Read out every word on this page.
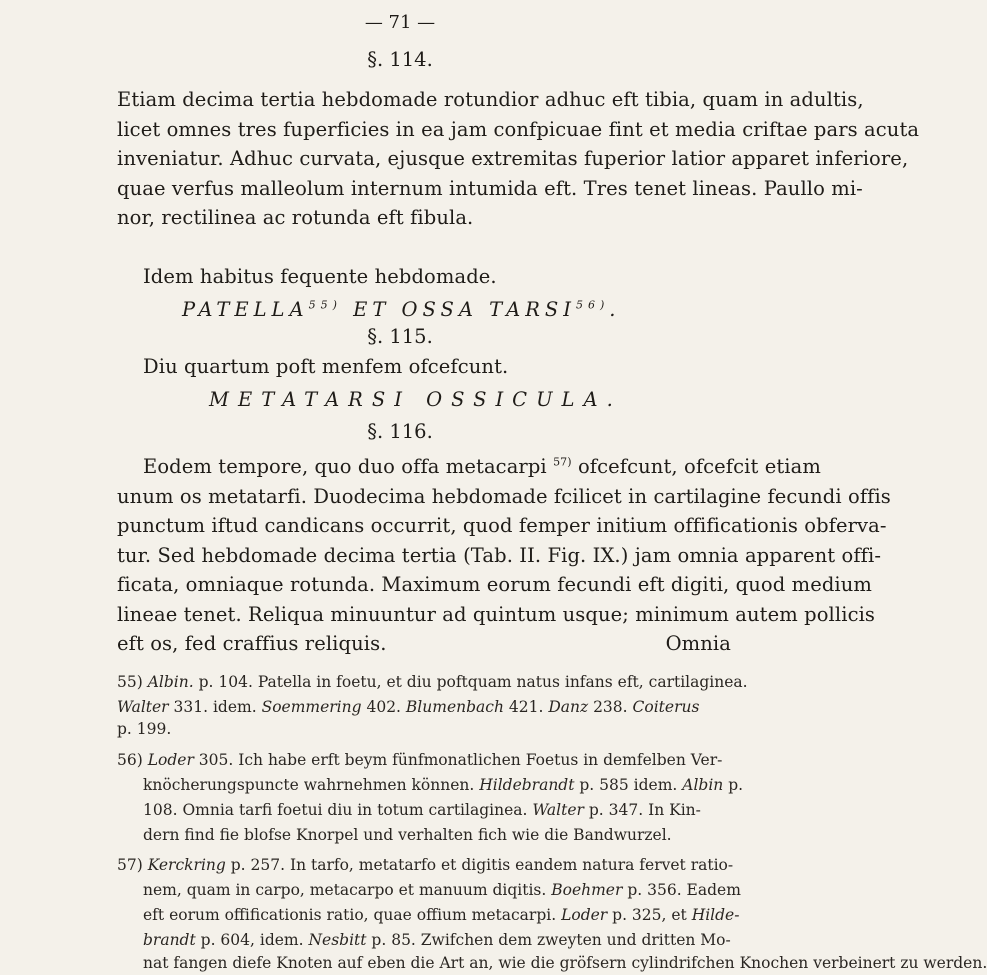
— 71 —
§. 114.
Etiam decima tertia hebdomade rotundior adhuc eft tibia, quam in adultis,
licet omnes tres fuperficies in ea jam confpicuae fint et media criftae pars acuta
inveniatur. Adhuc curvata, ejusque extremitas fuperior latior apparet inferiore,
quae verfus malleolum internum intumida eft. Tres tenet lineas. Paullo mi-
nor, rectilinea ac rotunda eft fibula.
Idem habitus fequente hebdomade.
PATELLA$^{55)}$ ET OSSA TARSI$^{56)}$.
§. 115.
Diu quartum poft menfem ofcefcunt.
METATARSI OSSICULA.
§. 116.
Eodem tempore, quo duo offa metacarpi $^{57)}$ ofcefcunt, ofcefcit etiam
unum os metatarfi. Duodecima hebdomade fcilicet in cartilagine fecundi offis
punctum iftud candicans occurrit, quod femper initium offificationis obferva-
tur. Sed hebdomade decima tertia (Tab. II. Fig. IX.) jam omnia apparent offi-
ficata, omniaque rotunda. Maximum eorum fecundi eft digiti, quod medium
lineae tenet. Reliqua minuuntur ad quintum usque; minimum autem pollicis
eft os, fed craffius reliquis.	Omnia
55) Albin. p. 104. Patella in foetu, et diu poftquam natus infans eft, cartilaginea.
Walter 331. idem. Soemmering 402. Blumenbach 421. Danz 238. Coiterus
p. 199.
56) Loder 305. Ich habe erft beym fünfmonatlichen Foetus in demfelben Ver-
knöcherungspuncte wahrnehmen können. Hildebrandt p. 585 idem. Albin p.
108. Omnia tarfi foetui diu in totum cartilaginea. Walter p. 347. In Kin-
dern find fie blofse Knorpel und verhalten fich wie die Bandwurzel.
57) Kerckring p. 257. In tarfo, metatarfo et digitis eandem natura fervet ratio-
nem, quam in carpo, metacarpo et manuum diqitis. Boehmer p. 356. Eadem
eft eorum offificationis ratio, quae offium metacarpi. Loder p. 325, et Hilde-
brandt p. 604, idem. Nesbitt p. 85. Zwifchen dem zweyten und dritten Mo-
nat fangen diefe Knoten auf eben die Art an, wie die gröfsern cylindrifchen Knochen verbeinert zu werden.
